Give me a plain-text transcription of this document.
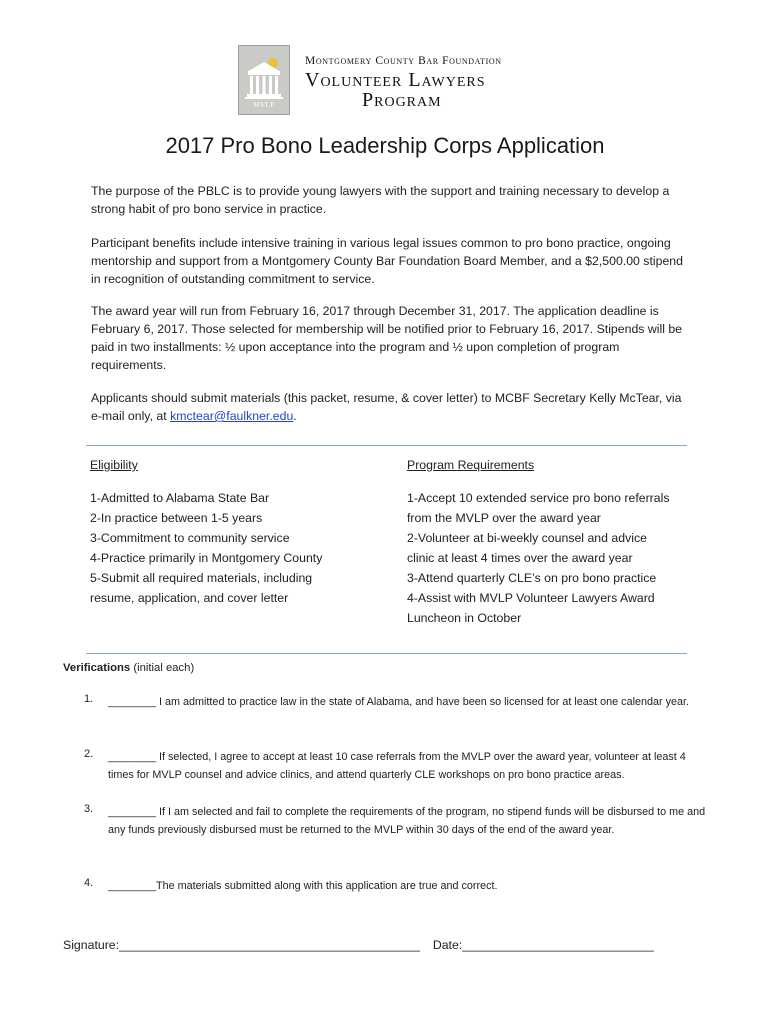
MVLP
Montgomery County Bar Foundation
Volunteer Lawyers
Program
2017 Pro Bono Leadership Corps Application
The purpose of the PBLC is to provide young lawyers with the support and training necessary to develop a strong habit of pro bono service in practice.
Participant benefits include intensive training in various legal issues common to pro bono practice, ongoing mentorship and support from a Montgomery County Bar Foundation Board Member, and a $2,500.00 stipend in recognition of outstanding commitment to service.
The award year will run from February 16, 2017 through December 31, 2017. The application deadline is February 6, 2017. Those selected for membership will be notified prior to February 16, 2017. Stipends will be paid in two installments: ½ upon acceptance into the program and ½ upon completion of program requirements.
Applicants should submit materials (this packet, resume, & cover letter) to MCBF Secretary Kelly McTear, via e-mail only, at kmctear@faulkner.edu.
Eligibility
1-Admitted to Alabama State Bar
2-In practice between 1-5 years
3-Commitment to community service
4-Practice primarily in Montgomery County
5-Submit all required materials, including
resume, application, and cover letter
Program Requirements
1-Accept 10 extended service pro bono referrals
from the MVLP over the award year
2-Volunteer at bi-weekly counsel and advice
clinic at least 4 times over the award year
3-Attend quarterly CLE’s on pro bono practice
4-Assist with MVLP Volunteer Lawyers Award
Luncheon in October
Verifications (initial each)
1. ________ I am admitted to practice law in the state of Alabama, and have been so licensed for at least one calendar year.
2. ________ If selected, I agree to accept at least 10 case referrals from the MVLP over the award year, volunteer at least 4 times for MVLP counsel and advice clinics, and attend quarterly CLE workshops on pro bono practice areas.
3. ________ If I am selected and fail to complete the requirements of the program, no stipend funds will be disbursed to me and any funds previously disbursed must be returned to the MVLP within 30 days of the end of the award year.
4. ________The materials submitted along with this application are true and correct.
Signature:____________________________________________ Date:____________________________
